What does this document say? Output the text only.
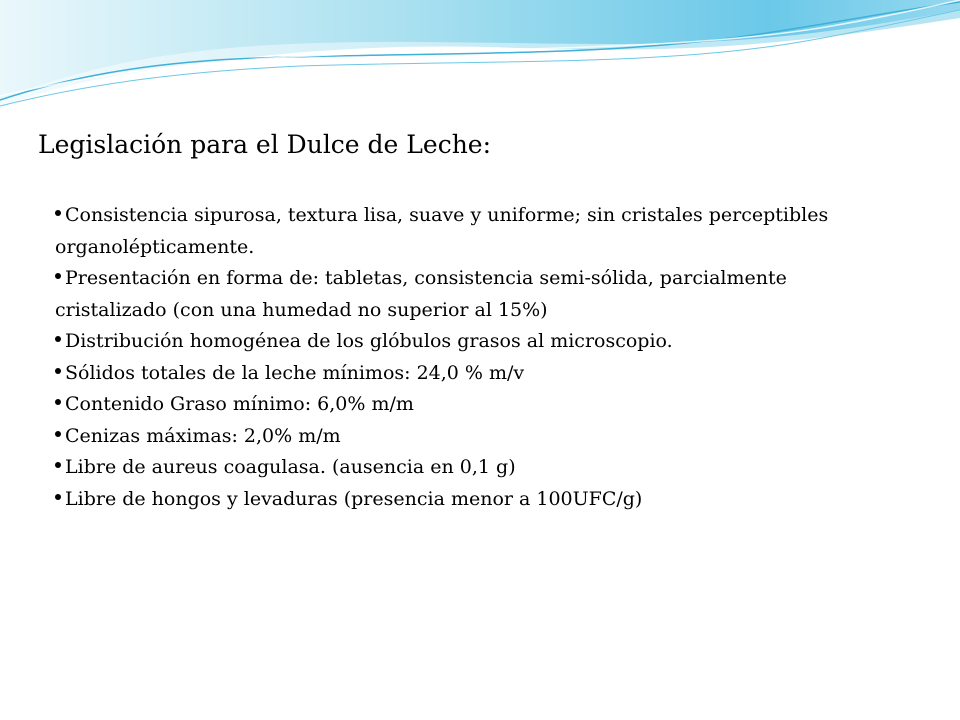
Legislación para el Dulce de Leche:
Consistencia sipurosa, textura lisa, suave y uniforme; sin cristales perceptibles organolépticamente.
Presentación en forma de: tabletas, consistencia semi-sólida, parcialmente cristalizado (con una humedad no superior al 15%)
Distribución homogénea de los glóbulos grasos al microscopio.
Sólidos totales de la leche mínimos: 24,0 % m/v
Contenido Graso mínimo: 6,0% m/m
Cenizas máximas: 2,0% m/m
Libre de aureus coagulasa. (ausencia en 0,1 g)
Libre de hongos y levaduras (presencia menor a 100UFC/g)
